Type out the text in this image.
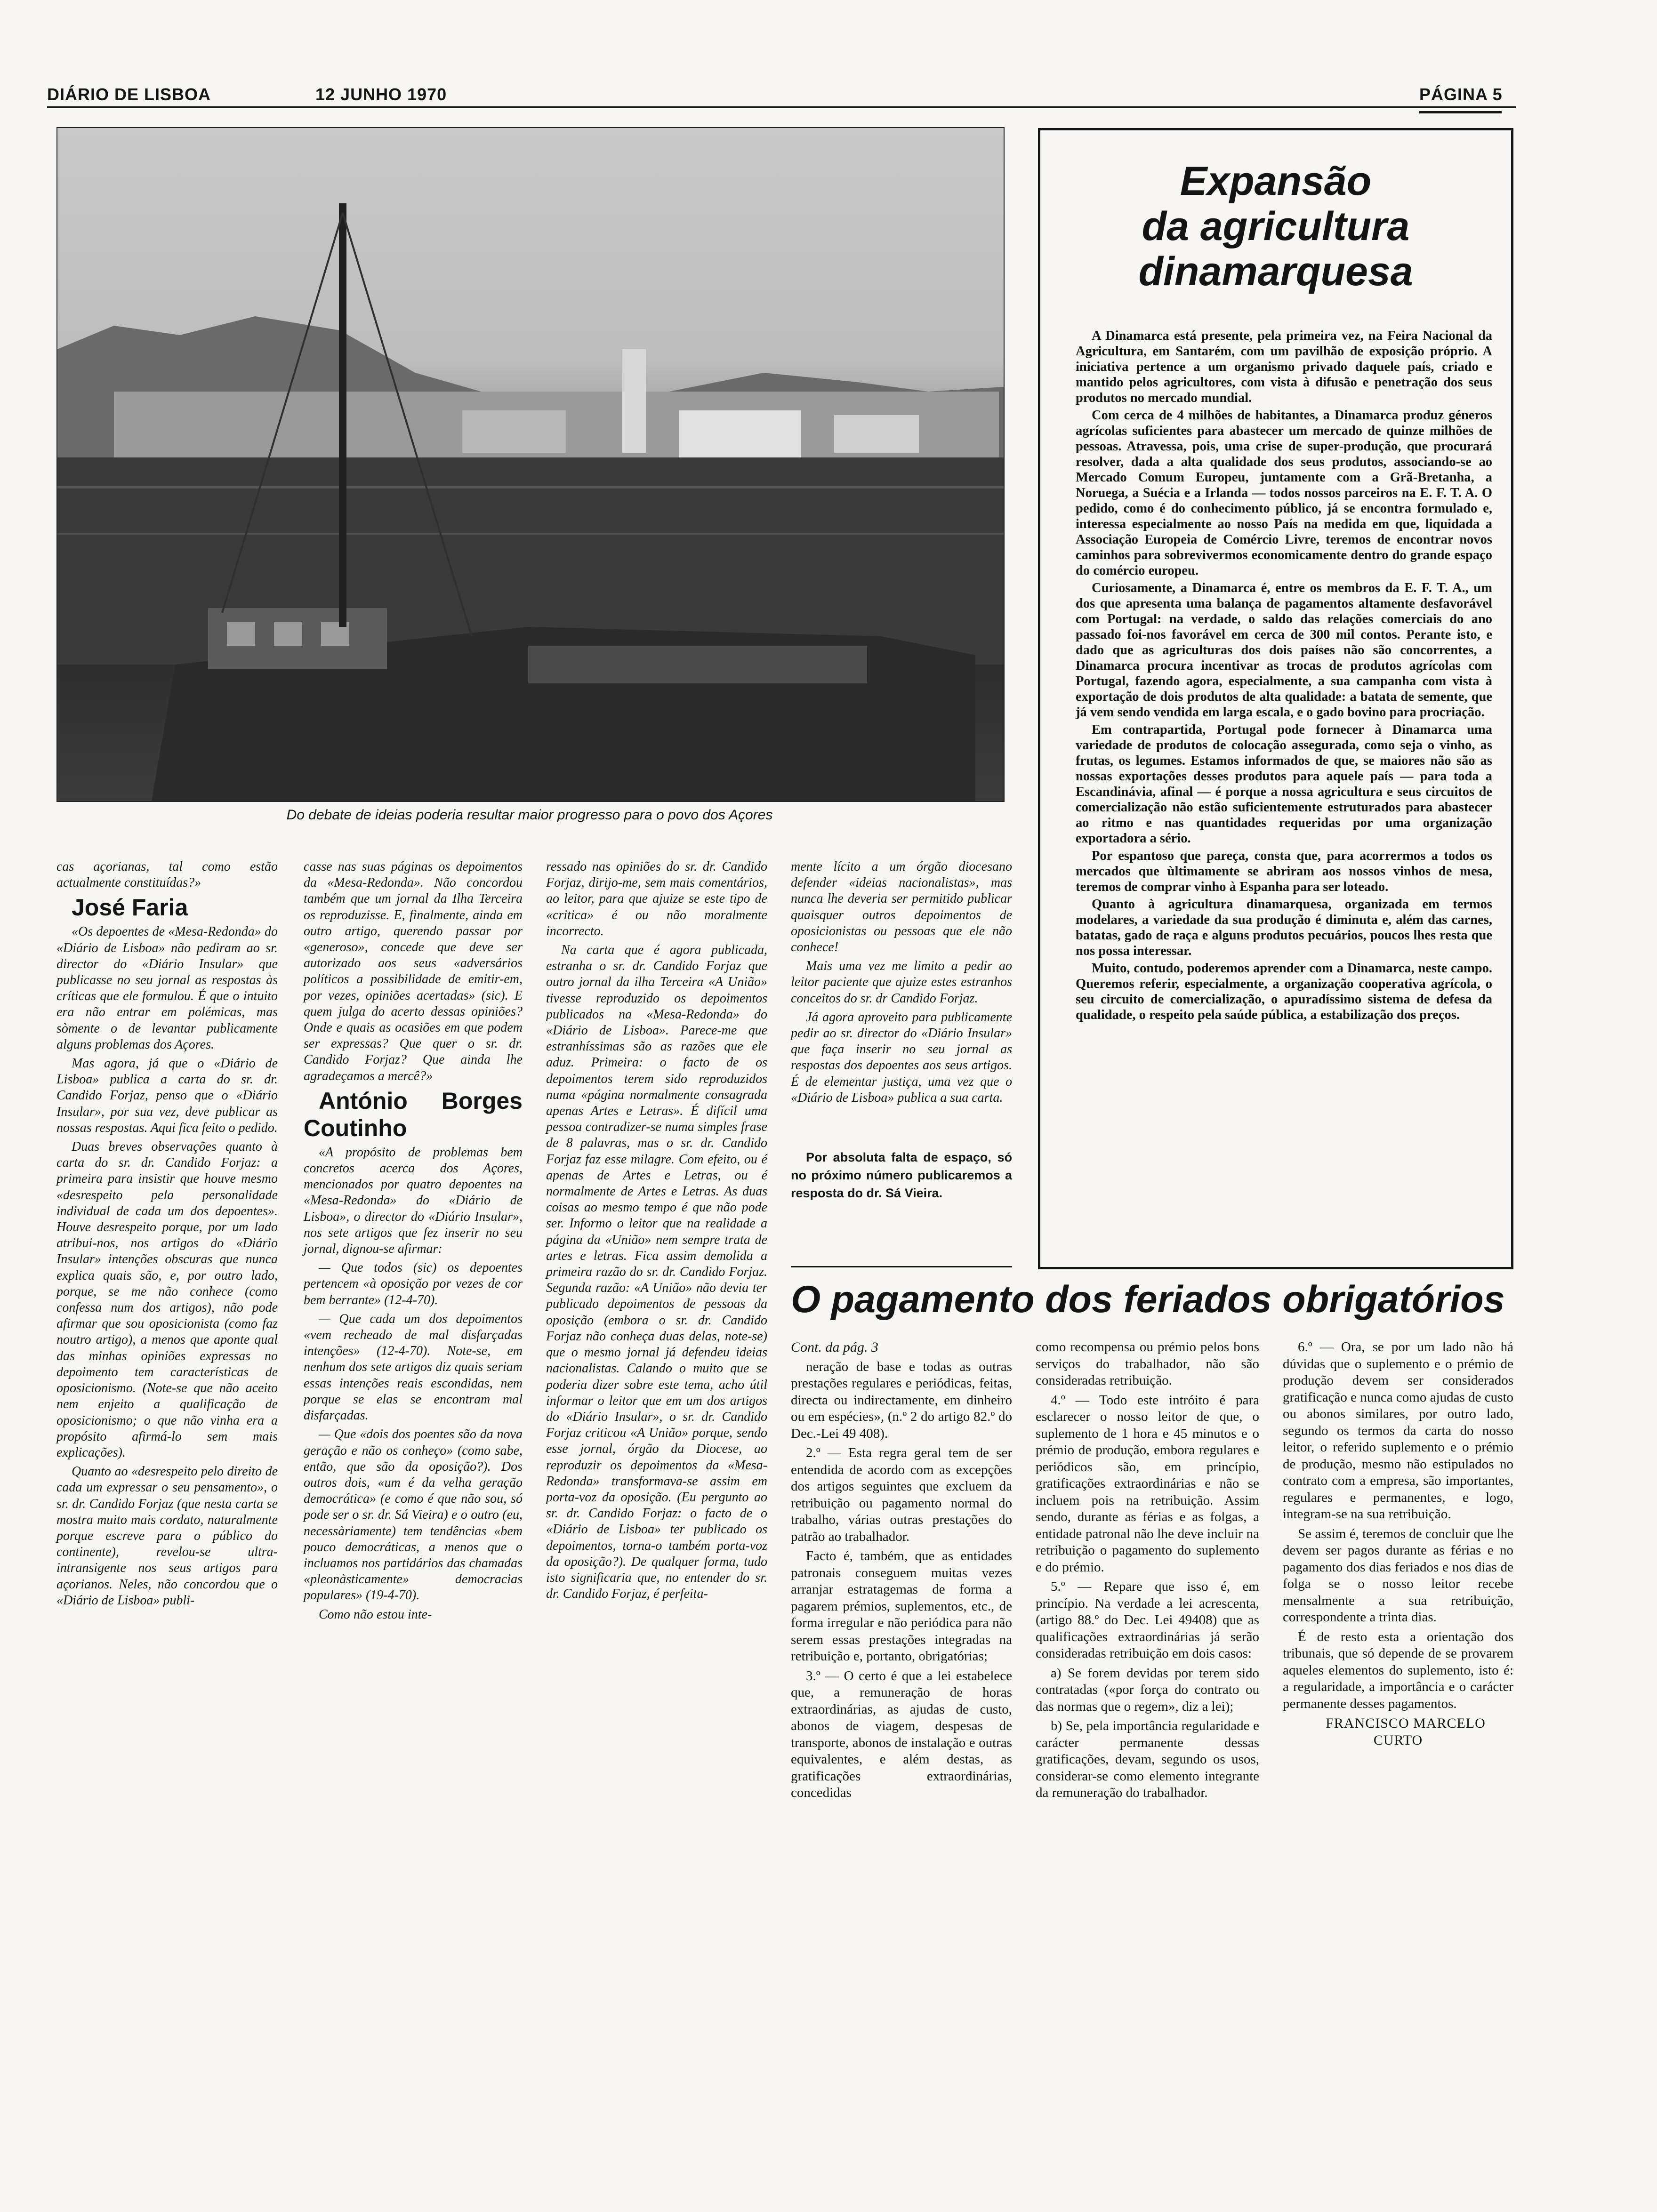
DIÁRIO DE LISBOA	12 JUNHO 1970	PÁGINA 5
Do debate de ideias poderia resultar maior progresso para o povo dos Açores
Expansão
da agricultura
dinamarquesa

A Dinamarca está presente, pela primeira vez, na Feira Nacional da Agricultura, em Santarém, com um pavilhão de exposição próprio. A iniciativa pertence a um organismo privado daquele país, criado e mantido pelos agricultores, com vista à difusão e penetração dos seus produtos no mercado mundial.

Com cerca de 4 milhões de habitantes, a Dinamarca produz géneros agrícolas suficientes para abastecer um mercado de quinze milhões de pessoas. Atravessa, pois, uma crise de super-produção, que procurará resolver, dada a alta qualidade dos seus produtos, associando-se ao Mercado Comum Europeu, juntamente com a Grã-Bretanha, a Noruega, a Suécia e a Irlanda — todos nossos parceiros na E. F. T. A. O pedido, como é do conhecimento público, já se encontra formulado e, interessa especialmente ao nosso País na medida em que, liquidada a Associação Europeia de Comércio Livre, teremos de encontrar novos caminhos para sobrevivermos economicamente dentro do grande espaço do comércio europeu.

Curiosamente, a Dinamarca é, entre os membros da E. F. T. A., um dos que apresenta uma balança de pagamentos altamente desfavorável com Portugal: na verdade, o saldo das relações comerciais do ano passado foi-nos favorável em cerca de 300 mil contos. Perante isto, e dado que as agriculturas dos dois países não são concorrentes, a Dinamarca procura incentivar as trocas de produtos agrícolas com Portugal, fazendo agora, especialmente, a sua campanha com vista à exportação de dois produtos de alta qualidade: a batata de semente, que já vem sendo vendida em larga escala, e o gado bovino para procriação.

Em contrapartida, Portugal pode fornecer à Dinamarca uma variedade de produtos de colocação assegurada, como seja o vinho, as frutas, os legumes. Estamos informados de que, se maiores não são as nossas exportações desses produtos para aquele país — para toda a Escandinávia, afinal — é porque a nossa agricultura e seus circuitos de comercialização não estão suficientemente estruturados para abastecer ao ritmo e nas quantidades requeridas por uma organização exportadora a sério.

Por espantoso que pareça, consta que, para acorrermos a todos os mercados que ùltimamente se abriram aos nossos vinhos de mesa, teremos de comprar vinho à Espanha para ser loteado.

Quanto à agricultura dinamarquesa, organizada em termos modelares, a variedade da sua produção é diminuta e, além das carnes, batatas, gado de raça e alguns produtos pecuários, poucos lhes resta que nos possa interessar.

Muito, contudo, poderemos aprender com a Dinamarca, neste campo. Queremos referir, especialmente, a organização cooperativa agrícola, o seu circuito de comercialização, o apuradíssimo sistema de defesa da qualidade, o respeito pela saúde pública, a estabilização dos preços.

cas açorianas, tal como estão actualmente constituídas?»

José Faria

«Os depoentes de «Mesa-Redonda» do «Diário de Lisboa» não pediram ao sr. director do «Diário Insular» que publicasse no seu jornal as respostas às críticas que ele formulou. É que o intuito era não entrar em polémicas, mas sòmente o de levantar publicamente alguns problemas dos Açores.

Mas agora, já que o «Diário de Lisboa» publica a carta do sr. dr. Candido Forjaz, penso que o «Diário Insular», por sua vez, deve publicar as nossas respostas. Aqui fica feito o pedido.

Duas breves observações quanto à carta do sr. dr. Candido Forjaz: a primeira para insistir que houve mesmo «desrespeito pela personalidade individual de cada um dos depoentes». Houve desrespeito porque, por um lado atribui-nos, nos artigos do «Diário Insular» intenções obscuras que nunca explica quais são, e, por outro lado, porque, se me não conhece (como confessa num dos artigos), não pode afirmar que sou oposicionista (como faz noutro artigo), a menos que aponte qual das minhas opiniões expressas no depoimento tem características de oposicionismo. (Note-se que não aceito nem enjeito a qualificação de oposicionismo; o que não vinha era a propósito afirmá-lo sem mais explicações).

Quanto ao «desrespeito pelo direito de cada um expressar o seu pensamento», o sr. dr. Candido Forjaz (que nesta carta se mostra muito mais cordato, naturalmente porque escreve para o público do continente), revelou-se ultra-intransigente nos seus artigos para açorianos. Neles, não concordou que o «Diário de Lisboa» publi-

casse nas suas páginas os depoimentos da «Mesa-Redonda». Não concordou também que um jornal da Ilha Terceira os reproduzisse. E, finalmente, ainda em outro artigo, querendo passar por «generoso», concede que deve ser autorizado aos seus «adversários políticos a possibilidade de emitir-em, por vezes, opiniões acertadas» (sic). E quem julga do acerto dessas opiniões? Onde e quais as ocasiões em que podem ser expressas? Que quer o sr. dr. Candido Forjaz? Que ainda lhe agradeçamos a mercê?»

António Borges Coutinho

«A propósito de problemas bem concretos acerca dos Açores, mencionados por quatro depoentes na «Mesa-Redonda» do «Diário de Lisboa», o director do «Diário Insular», nos sete artigos que fez inserir no seu jornal, dignou-se afirmar:

— Que todos (sic) os depoentes pertencem «à oposição por vezes de cor bem berrante» (12-4-70).

— Que cada um dos depoimentos «vem recheado de mal disfarçadas intenções» (12-4-70). Note-se, em nenhum dos sete artigos diz quais seriam essas intenções reais escondidas, nem porque se elas se encontram mal disfarçadas.

— Que «dois dos poentes são da nova geração e não os conheço» (como sabe, então, que são da oposição?). Dos outros dois, «um é da velha geração democrática» (e como é que não sou, só pode ser o sr. dr. Sá Vieira) e o outro (eu, necessàriamente) tem tendências «bem pouco democráticas, a menos que o incluamos nos partidários das chamadas «pleonàsticamente» democracias populares» (19-4-70).

Como não estou inte-

ressado nas opiniões do sr. dr. Candido Forjaz, dirijo-me, sem mais comentários, ao leitor, para que ajuize se este tipo de «critica» é ou não moralmente incorrecto.

Na carta que é agora publicada, estranha o sr. dr. Candido Forjaz que outro jornal da ilha Terceira «A União» tivesse reproduzido os depoimentos publicados na «Mesa-Redonda» do «Diário de Lisboa». Parece-me que estranhíssimas são as razões que ele aduz. Primeira: o facto de os depoimentos terem sido reproduzidos numa «página normalmente consagrada apenas Artes e Letras». É difícil uma pessoa contradizer-se numa simples frase de 8 palavras, mas o sr. dr. Candido Forjaz faz esse milagre. Com efeito, ou é apenas de Artes e Letras, ou é normalmente de Artes e Letras. As duas coisas ao mesmo tempo é que não pode ser. Informo o leitor que na realidade a página da «União» nem sempre trata de artes e letras. Fica assim demolida a primeira razão do sr. dr. Candido Forjaz. Segunda razão: «A União» não devia ter publicado depoimentos de pessoas da oposição (embora o sr. dr. Candido Forjaz não conheça duas delas, note-se) que o mesmo jornal já defendeu ideias nacionalistas. Calando o muito que se poderia dizer sobre este tema, acho útil informar o leitor que em um dos artigos do «Diário Insular», o sr. dr. Candido Forjaz criticou «A União» porque, sendo esse jornal, órgão da Diocese, ao reproduzir os depoimentos da «Mesa-Redonda» transformava-se assim em porta-voz da oposição. (Eu pergunto ao sr. dr. Candido Forjaz: o facto de o «Diário de Lisboa» ter publicado os depoimentos, torna-o também porta-voz da oposição?). De qualquer forma, tudo isto significaria que, no entender do sr. dr. Candido Forjaz, é perfeita-

mente lícito a um órgão diocesano defender «ideias nacionalistas», mas nunca lhe deveria ser permitido publicar quaisquer outros depoimentos de oposicionistas ou pessoas que ele não conhece!

Mais uma vez me limito a pedir ao leitor paciente que ajuize estes estranhos conceitos do sr. dr Candido Forjaz.

Já agora aproveito para publicamente pedir ao sr. director do «Diário Insular» que faça inserir no seu jornal as respostas dos depoentes aos seus artigos. É de elementar justiça, uma vez que o «Diário de Lisboa» publica a sua carta.

Por absoluta falta de espaço, só no próximo número publicaremos a resposta do dr. Sá Vieira.

O pagamento dos feriados obrigatórios

Cont. da pág. 3

neração de base e todas as outras prestações regulares e periódicas, feitas, directa ou indirectamente, em dinheiro ou em espécies», (n.º 2 do artigo 82.º do Dec.-Lei 49 408).

2.º — Esta regra geral tem de ser entendida de acordo com as excepções dos artigos seguintes que excluem da retribuição ou pagamento normal do trabalho, várias outras prestações do patrão ao trabalhador.

Facto é, também, que as entidades patronais conseguem muitas vezes arranjar estratagemas de forma a pagarem prémios, suplementos, etc., de forma irregular e não periódica para não serem essas prestações integradas na retribuição e, portanto, obrigatórias;

3.º — O certo é que a lei estabelece que, a remuneração de horas extraordinárias, as ajudas de custo, abonos de viagem, despesas de transporte, abonos de instalação e outras equivalentes, e além destas, as gratificações extraordinárias, concedidas

como recompensa ou prémio pelos bons serviços do trabalhador, não são consideradas retribuição.

4.º — Todo este intróito é para esclarecer o nosso leitor de que, o suplemento de 1 hora e 45 minutos e o prémio de produção, embora regulares e periódicos são, em princípio, gratificações extraordinárias e não se incluem pois na retribuição. Assim sendo, durante as férias e as folgas, a entidade patronal não lhe deve incluir na retribuição o pagamento do suplemento e do prémio.

5.º — Repare que isso é, em princípio. Na verdade a lei acrescenta, (artigo 88.º do Dec. Lei 49408) que as qualificações extraordinárias já serão consideradas retribuição em dois casos:

a) Se forem devidas por terem sido contratadas («por força do contrato ou das normas que o regem», diz a lei);

b) Se, pela importância regularidade e carácter permanente dessas gratificações, devam, segundo os usos, considerar-se como elemento integrante da remuneração do trabalhador.

6.º — Ora, se por um lado não há dúvidas que o suplemento e o prémio de produção devem ser considerados gratificação e nunca como ajudas de custo ou abonos similares, por outro lado, segundo os termos da carta do nosso leitor, o referido suplemento e o prémio de produção, mesmo não estipulados no contrato com a empresa, são importantes, regulares e permanentes, e logo, integram-se na sua retribuição.

Se assim é, teremos de concluir que lhe devem ser pagos durante as férias e no pagamento dos dias feriados e nos dias de folga se o nosso leitor recebe mensalmente a sua retribuição, correspondente a trinta dias.

É de resto esta a orientação dos tribunais, que só depende de se provarem aqueles elementos do suplemento, isto é: a regularidade, a importância e o carácter permanente desses pagamentos.

FRANCISCO MARCELO
CURTO
